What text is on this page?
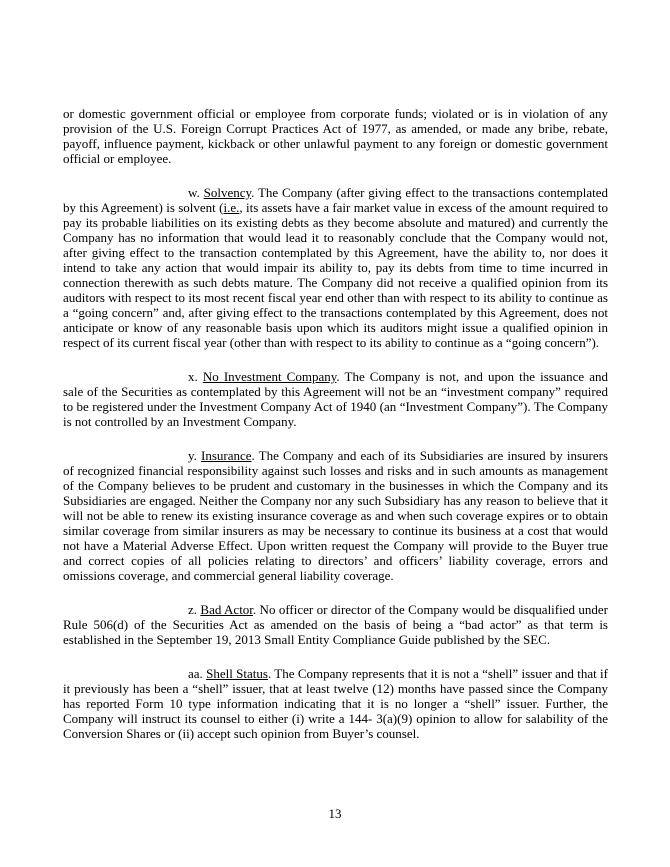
or domestic government official or employee from corporate funds; violated or is in violation of any provision of the U.S. Foreign Corrupt Practices Act of 1977, as amended, or made any bribe, rebate, payoff, influence payment, kickback or other unlawful payment to any foreign or domestic government official or employee.

w. Solvency. The Company (after giving effect to the transactions contemplated by this Agreement) is solvent (i.e., its assets have a fair market value in excess of the amount required to pay its probable liabilities on its existing debts as they become absolute and matured) and currently the Company has no information that would lead it to reasonably conclude that the Company would not, after giving effect to the transaction contemplated by this Agreement, have the ability to, nor does it intend to take any action that would impair its ability to, pay its debts from time to time incurred in connection therewith as such debts mature. The Company did not receive a qualified opinion from its auditors with respect to its most recent fiscal year end other than with respect to its ability to continue as a “going concern” and, after giving effect to the transactions contemplated by this Agreement, does not anticipate or know of any reasonable basis upon which its auditors might issue a qualified opinion in respect of its current fiscal year (other than with respect to its ability to continue as a “going concern”).

x. No Investment Company. The Company is not, and upon the issuance and sale of the Securities as contemplated by this Agreement will not be an “investment company” required to be registered under the Investment Company Act of 1940 (an “Investment Company”). The Company is not controlled by an Investment Company.

y. Insurance. The Company and each of its Subsidiaries are insured by insurers of recognized financial responsibility against such losses and risks and in such amounts as management of the Company believes to be prudent and customary in the businesses in which the Company and its Subsidiaries are engaged. Neither the Company nor any such Subsidiary has any reason to believe that it will not be able to renew its existing insurance coverage as and when such coverage expires or to obtain similar coverage from similar insurers as may be necessary to continue its business at a cost that would not have a Material Adverse Effect. Upon written request the Company will provide to the Buyer true and correct copies of all policies relating to directors’ and officers’ liability coverage, errors and omissions coverage, and commercial general liability coverage.

z. Bad Actor. No officer or director of the Company would be disqualified under Rule 506(d) of the Securities Act as amended on the basis of being a “bad actor” as that term is established in the September 19, 2013 Small Entity Compliance Guide published by the SEC.

aa. Shell Status. The Company represents that it is not a “shell” issuer and that if it previously has been a “shell” issuer, that at least twelve (12) months have passed since the Company has reported Form 10 type information indicating that it is no longer a “shell” issuer. Further, the Company will instruct its counsel to either (i) write a 144- 3(a)(9) opinion to allow for salability of the Conversion Shares or (ii) accept such opinion from Buyer’s counsel.

13
